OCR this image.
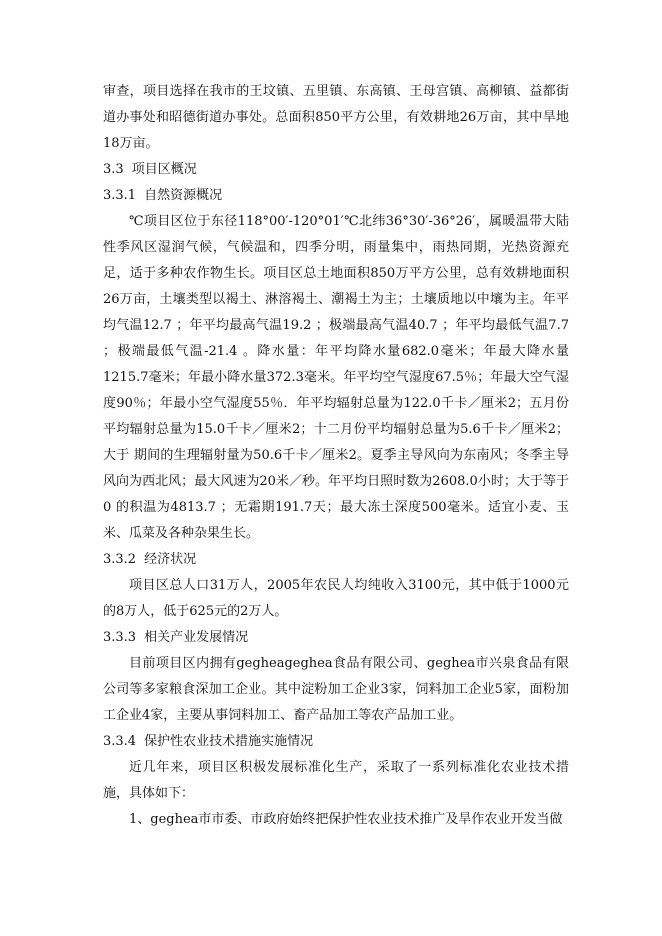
审查，项目选择在我市的王坟镇、五里镇、东高镇、王母宫镇、高柳镇、益都街道办事处和昭德街道办事处。总面积850平方公里，有效耕地26万亩，其中旱地18万亩。

3.3 项目区概况
3.3.1 自然资源概况

℃项目区位于东径118°00′-120°01′℃北纬36°30′-36°26′，属暖温带大陆性季风区湿润气候，气候温和，四季分明，雨量集中，雨热同期，光热资源充足，适于多种农作物生长。项目区总土地面积850万平方公里，总有效耕地面积 26万亩，土壤类型以褐土、淋溶褐土、潮褐土为主；土壤质地以中壤为主。年平均气温12.7 ；年平均最高气温19.2 ；极端最高气温40.7 ；年平均最低气温7.7 ；极端最低气温-21.4 。降水量：年平均降水量682.0毫米；年最大降水量1215.7毫米；年最小降水量372.3毫米。年平均空气湿度67.5％；年最大空气湿度90％；年最小空气湿度55％．年平均辐射总量为122.0千卡／厘米2；五月份平均辐射总量为15.0千卡／厘米2；十二月份平均辐射总量为5.6千卡／厘米2；大于 期间的生理辐射量为50.6千卡／厘米2。夏季主导风向为东南风；冬季主导风向为西北风；最大风速为20米／秒。年平均日照时数为2608.0小时；大于等于0 的积温为4813.7 ；无霜期191.7天；最大冻土深度500毫米。适宜小麦、玉米、瓜菜及各种杂果生长。

3.3.2 经济状况

项目区总人口31万人，2005年农民人均纯收入3100元，其中低于1000元的8万人，低于625元的2万人。

3.3.3 相关产业发展情况

目前项目区内拥有gegheageghea食品有限公司、geghea市兴泉食品有限公司等多家粮食深加工企业。其中淀粉加工企业3家，饲料加工企业5家，面粉加工企业4家，主要从事饲料加工、畜产品加工等农产品加工业。

3.3.4 保护性农业技术措施实施情况

近几年来，项目区积极发展标准化生产，采取了一系列标准化农业技术措施，具体如下：

1、geghea市市委、市政府始终把保护性农业技术推广及旱作农业开发当做
